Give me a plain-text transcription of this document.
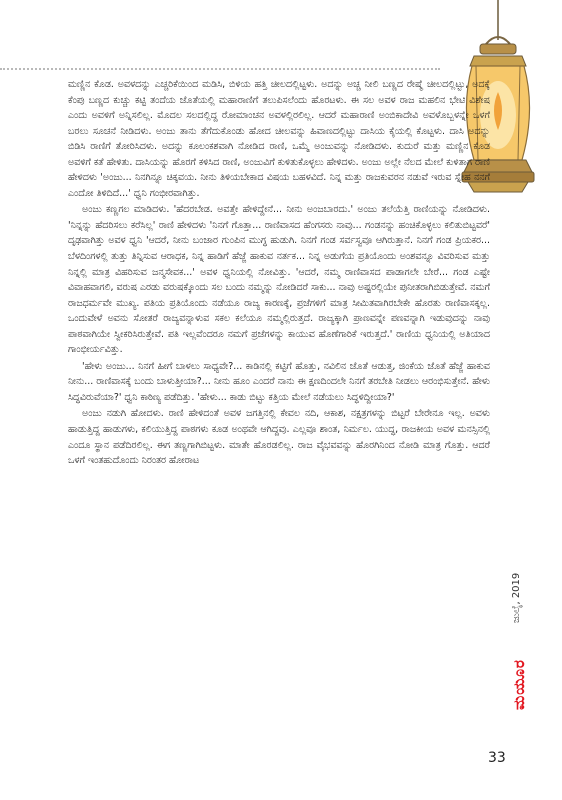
ಮಣ್ಣಿನ ಕೊಡ. ಅವಳದನ್ನು ಎಚ್ಚರಿಕೆಯಿಂದ ಮಡಿಸಿ, ಬಿಳಿಯ ಹತ್ತಿ ಚೀಲದಲ್ಲಿಟ್ಟಳು. ಅದನ್ನು ಅಚ್ಚ ನೀಲಿ ಬಣ್ಣದ ರೇಷ್ಮೆ ಚೀಲದಲ್ಲಿಟ್ಟು, ಅದಕ್ಕೆ ಕೆಂಪು ಬಣ್ಣದ ಕುಚ್ಚು ಕಟ್ಟಿ ತಂದೆಯ ಜೊತೆಯಲ್ಲಿ ಮಹಾರಾಣಿಗೆ ತಲುಪಿಸಲೆಂದು ಹೊರಟಳು. ಈ ಸಲ ಅವಳ ರಾಜ ಮಹಲಿನ ಭೇಟಿ ವಿಶೇಷ ಎಂದು ಅವಳಿಗೆ ಅನ್ನಿಸಲಿಲ್ಲ. ಮೊದಲ ಸಲದಲ್ಲಿದ್ದ ರೋಮಾಂಚನ ಅವಳಲ್ಲಿರಲಿಲ್ಲ. ಆದರೆ ಮಹಾರಾಣಿ ಅಂಬಿಕಾದೇವಿ ಅವಳೊಬ್ಬಳನ್ನೇ ಒಳಗೆ ಬರಲು ಸೂಚನೆ ನೀಡಿದಳು. ಅಂಜು ತಾನು ತೆಗೆದುಕೊಂಡು ಹೋದ ಚೀಲವನ್ನು ಹಿವಾಣದಲ್ಲಿಟ್ಟು ದಾಸಿಯ ಕೈಯಲ್ಲಿ ಕೊಟ್ಟಳು. ದಾಸಿ ಅದನ್ನು ಬಿಡಿಸಿ ರಾಣಿಗೆ ತೋರಿಸಿದಳು. ಅದನ್ನು ಕೂಲಂಕಶವಾಗಿ ನೋಡಿದ ರಾಣಿ, ಒಮ್ಮೆ ಅಂಜುವನ್ನು ನೋಡಿದಳು. ಕುದುರೆ ಮತ್ತು ಮಣ್ಣಿನ ಕೊಡ ಅವಳಿಗೆ ಕತೆ ಹೇಳಿತು. ದಾಸಿಯನ್ನು ಹೊರಗೆ ಕಳಿಸಿದ ರಾಣಿ, ಅಂಜುವಿಗೆ ಕುಳಿತುಕೊಳ್ಳಲು ಹೇಳಿದಳು. ಅಂಜು ಅಲ್ಲೇ ನೆಲದ ಮೇಲೆ ಕುಳಿತಾಗ ರಾಣಿ ಹೇಳಿದಳು 'ಅಂಜು... ನಿನಗಿನ್ನೂ ಚಿಕ್ಕವಯ. ನೀನು ತಿಳಿಯಬೇಕಾದ ವಿಷಯ ಬಹಳವಿದೆ. ನಿನ್ನ ಮತ್ತು ರಾಜಕುವರನ ನಡುವೆ ಇರುವ ಸ್ನೇಹ ನನಗೆ ಎಂದೋ ತಿಳಿದಿದೆ...' ಧ್ವನಿ ಗಂಭೀರವಾಗಿತ್ತು.

ಅಂಜು ಕಣ್ಣಗಲ ಮಾಡಿದಳು. 'ಹೆದರಬೇಡ. ಅವತ್ತೇ ಹೇಳಿದ್ದೇನೆ... ನೀನು ಅಂಜಬಾರದು.' ಅಂಜು ತಲೆಯೆತ್ತಿ ರಾಣಿಯನ್ನು ನೋಡಿದಳು. 'ನಿನ್ನನ್ನು ಹೆದರಿಸಲು ಕರೆಸಿಲ್ಲ' ರಾಣಿ ಹೇಳಿದಳು 'ನಿನಗೆ ಗೊತ್ತಾ... ರಾಣಿವಾಸದ ಹೆಂಗಸರು ನಾವು... ಗಂಡನನ್ನು ಹಂಚಿಕೊಳ್ಳಲು ಕಲಿತುಬಿಟ್ಟವರೆ' ದೃಢವಾಗಿತ್ತು ಅವಳ ಧ್ವನಿ 'ಆದರೆ, ನೀನು ಬಂಜಾರ ಗುಂಪಿನ ಮುಗ್ಧ ಹುಡುಗಿ. ನಿನಗೆ ಗಂಡ ಸರ್ವಸ್ವವೂ ಆಗಿರುತ್ತಾನೆ. ನಿನಗೆ ಗಂಡ ಪ್ರಿಯಕರ... ಬೆಳದಿಂಗಳಲ್ಲಿ ತುತ್ತು ತಿನ್ನಿಸುವ ಆರಾಧಕ, ನಿನ್ನ ಹಾಡಿಗೆ ಹೆಜ್ಜೆ ಹಾಕುವ ನರ್ತಕ... ನಿನ್ನ ಅಡುಗೆಯ ಪ್ರತಿಯೊಂದು ಅಂಶವನ್ನೂ ವಿವರಿಸುವ ಮತ್ತು ನಿನ್ನಲ್ಲಿ ಮಾತ್ರ ವಿಹರಿಸುವ ಜನ್ಮಸೇವಕ...' ಅವಳ ಧ್ವನಿಯಲ್ಲಿ ನೋವಿತ್ತು. 'ಆದರೆ, ನಮ್ಮ ರಾಣಿವಾಸದ ಪಾಡಾಗಲೇ ಬೇರೆ... ಗಂಡ ಎಷ್ಟೇ ವಿವಾಹವಾಗಲಿ, ವರುಷ ಎರಡು ವರುಷಕ್ಕೊಂದು ಸಲ ಬಂದು ನಮ್ಮನ್ನು ನೋಡಿದರೆ ಸಾಕು... ನಾವು ಅಷ್ಟರಲ್ಲಿಯೇ ಪುನೀತರಾಗಿಬಿಡುತ್ತೇವೆ. ನಮಗೆ ರಾಜಧರ್ಮವೇ ಮುಖ್ಯ. ಪತಿಯ ಪ್ರತಿಯೊಂದು ನಡೆಯೂ ರಾಜ್ಯ ಕಾರಣಕ್ಕೆ, ಪ್ರಜೆಗಳಿಗೆ ಮಾತ್ರ ಸೀಮಿತವಾಗಿರಬೇಕೇ ಹೊರತು ರಾಣಿವಾಸಕ್ಕಲ್ಲ. ಒಂದುವೇಳೆ ಅವನು ಸೋತರೆ ರಾಜ್ಯವನ್ನಾಳುವ ಸಕಲ ಕಲೆಯೂ ನಮ್ಮಲ್ಲಿರುತ್ತದೆ. ರಾಜ್ಯಕ್ಕಾಗಿ ಪ್ರಾಣವನ್ನೇ ಪಣವನ್ನಾಗಿ ಇಡುವುದನ್ನು ನಾವು ಪಾಠವಾಗಿಯೇ ಸ್ವೀಕರಿಸಿರುತ್ತೇವೆ. ಪತಿ ಇಲ್ಲವೆಂದರೂ ನಮಗೆ ಪ್ರಜೆಗಳನ್ನು ಕಾಯುವ ಹೊಣೆಗಾರಿಕೆ ಇರುತ್ತದೆ.' ರಾಣಿಯ ಧ್ವನಿಯಲ್ಲಿ ಅತಿಯಾದ ಗಾಂಭೀರ್ಯವಿತ್ತು.

'ಹೇಳು ಅಂಜು... ನಿನಗೆ ಹೀಗೆ ಬಾಳಲು ಸಾಧ್ಯವೇ?... ಕಾಡಿನಲ್ಲಿ ಕಟ್ಟಿಗೆ ಹೊತ್ತು, ನವಿಲಿನ ಜೊತೆ ಆಡುತ್ತ, ಜಿಂಕೆಯ ಜೊತೆ ಹೆಜ್ಜೆ ಹಾಕುವ ನೀನು... ರಾಣಿವಾಸಕ್ಕೆ ಬಂದು ಬಾಳುತ್ತೀಯಾ?... ನೀನು ಹೂಂ ಎಂದರೆ ನಾನು ಈ ಕ್ಷಣದಿಂದಲೇ ನಿನಗೆ ತರಬೇತಿ ನೀಡಲು ಆರಂಭಿಸುತ್ತೇನೆ. ಹೇಳು ಸಿದ್ಧವಿರುವೆಯಾ?' ಧ್ವನಿ ಕಾಠಿಣ್ಯ ಪಡೆದಿತ್ತು. 'ಹೇಳು... ಕಾಡು ಬಿಟ್ಟು ಕತ್ತಿಯ ಮೇಲೆ ನಡೆಯಲು ಸಿದ್ಧಳಿದ್ದೀಯಾ?'

ಅಂಜು ನಡುಗಿ ಹೋದಳು. ರಾಣಿ ಹೇಳಿದಂತೆ ಅವಳ ಜಗತ್ತಿನಲ್ಲಿ ಕೇವಲ ನದಿ, ಆಕಾಶ, ನಕ್ಷತ್ರಗಳನ್ನು ಬಿಟ್ಟರೆ ಬೇರೇನೂ ಇಲ್ಲ. ಅವಳು ಹಾಡುತ್ತಿದ್ದ ಹಾಡುಗಳು, ಕಲಿಯುತ್ತಿದ್ದ ಪಾಠಗಳು ಕೂಡ ಅಂಥವೇ ಆಗಿದ್ದವು. ಎಲ್ಲವೂ ಶಾಂತ, ನಿರ್ಮಲ. ಯುದ್ಧ, ರಾಜಕೀಯ ಅವಳ ಮನಸ್ಸಿನಲ್ಲಿ ಎಂದೂ ಸ್ಥಾನ ಪಡೆದಿರಲಿಲ್ಲ. ಈಗ ತಣ್ಣಗಾಗಿಬಿಟ್ಟಳು. ಮಾತೇ ಹೊರಡಲಿಲ್ಲ. ರಾಜ ವೈಭವವನ್ನು ಹೊರಗಿನಿಂದ ನೋಡಿ ಮಾತ್ರ ಗೊತ್ತು. ಆದರೆ ಒಳಗೆ ಇಂತಹುದೊಂದು ನಿರಂತರ ಹೋರಾಟ

ಜುಲೈ, 2019
ಮಯೂರ
33
